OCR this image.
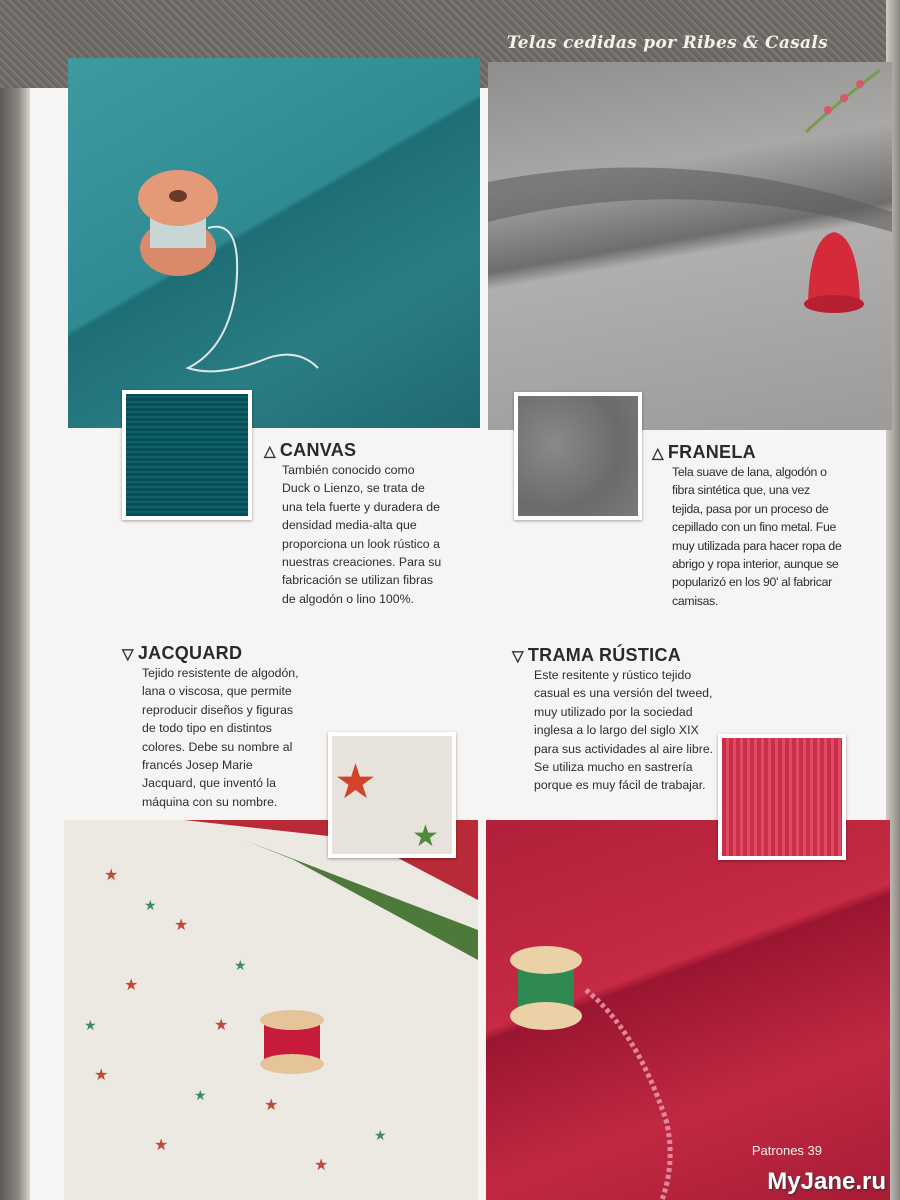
Telas cedidas por Ribes & Casals
★
★
★
★
★
★
★
★
★
★
★
★
★
★
★
△ CANVAS
También conocido como Duck o Lienzo, se trata de una tela fuerte y duradera de densidad media-alta que proporciona un look rústico a nuestras creaciones. Para su fabricación se utilizan fibras de algodón o lino 100%.
△ FRANELA
Tela suave de lana, algodón o fibra sintética que, una vez tejida, pasa por un proceso de cepillado con un fino metal. Fue muy utilizada para hacer ropa de abrigo y ropa interior, aunque se popularizó en los 90' al fabricar camisas.
▽ JACQUARD
Tejido resistente de algodón, lana o viscosa, que permite reproducir diseños y figuras de todo tipo en distintos colores. Debe su nombre al francés Josep Marie Jacquard, que inventó la máquina con su nombre.
▽ TRAMA RÚSTICA
Este resitente y rústico tejido casual es una versión del tweed, muy utilizado por la sociedad inglesa a lo largo del siglo XIX para sus actividades al aire libre. Se utiliza mucho en sastrería porque es muy fácil de trabajar.
Patrones 39
MyJane.ru
